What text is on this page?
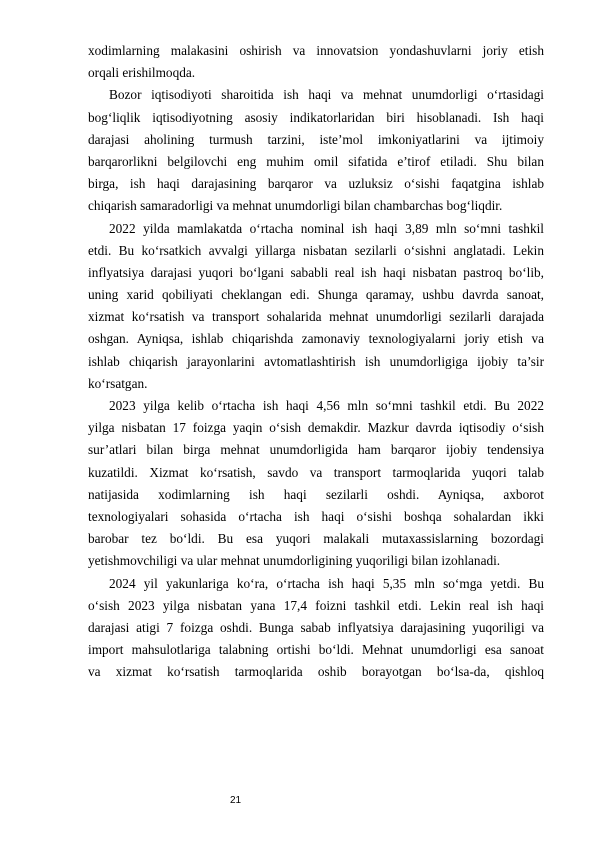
xodimlarning malakasini oshirish va innovatsion yondashuvlarni joriy etish
orqali erishilmoqda.
Bozor iqtisodiyoti sharoitida ish haqi va mehnat unumdorligi o‘rtasidagi
bog‘liqlik iqtisodiyotning asosiy indikatorlaridan biri hisoblanadi. Ish haqi
darajasi aholining turmush tarzini, iste’mol imkoniyatlarini va ijtimoiy
barqarorlikni belgilovchi eng muhim omil sifatida e’tirof etiladi. Shu bilan
birga, ish haqi darajasining barqaror va uzluksiz o‘sishi faqatgina ishlab
chiqarish samaradorligi va mehnat unumdorligi bilan chambarchas bog‘liqdir.
2022 yilda mamlakatda o‘rtacha nominal ish haqi 3,89 mln so‘mni tashkil
etdi. Bu ko‘rsatkich avvalgi yillarga nisbatan sezilarli o‘sishni anglatadi. Lekin
inflyatsiya darajasi yuqori bo‘lgani sababli real ish haqi nisbatan pastroq bo‘lib,
uning xarid qobiliyati cheklangan edi. Shunga qaramay, ushbu davrda sanoat,
xizmat ko‘rsatish va transport sohalarida mehnat unumdorligi sezilarli darajada
oshgan. Ayniqsa, ishlab chiqarishda zamonaviy texnologiyalarni joriy etish va
ishlab chiqarish jarayonlarini avtomatlashtirish ish unumdorligiga ijobiy ta’sir
ko‘rsatgan.
2023 yilga kelib o‘rtacha ish haqi 4,56 mln so‘mni tashkil etdi. Bu 2022
yilga nisbatan 17 foizga yaqin o‘sish demakdir. Mazkur davrda iqtisodiy o‘sish
sur’atlari bilan birga mehnat unumdorligida ham barqaror ijobiy tendensiya
kuzatildi. Xizmat ko‘rsatish, savdo va transport tarmoqlarida yuqori talab
natijasida xodimlarning ish haqi sezilarli oshdi. Ayniqsa, axborot
texnologiyalari sohasida o‘rtacha ish haqi o‘sishi boshqa sohalardan ikki
barobar tez bo‘ldi. Bu esa yuqori malakali mutaxassislarning bozordagi
yetishmovchiligi va ular mehnat unumdorligining yuqoriligi bilan izohlanadi.
2024 yil yakunlariga ko‘ra, o‘rtacha ish haqi 5,35 mln so‘mga yetdi. Bu
o‘sish 2023 yilga nisbatan yana 17,4 foizni tashkil etdi. Lekin real ish haqi
darajasi atigi 7 foizga oshdi. Bunga sabab inflyatsiya darajasining yuqoriligi va
import mahsulotlariga talabning ortishi bo‘ldi. Mehnat unumdorligi esa sanoat
va xizmat ko‘rsatish tarmoqlarida oshib borayotgan bo‘lsa-da, qishloq
21
